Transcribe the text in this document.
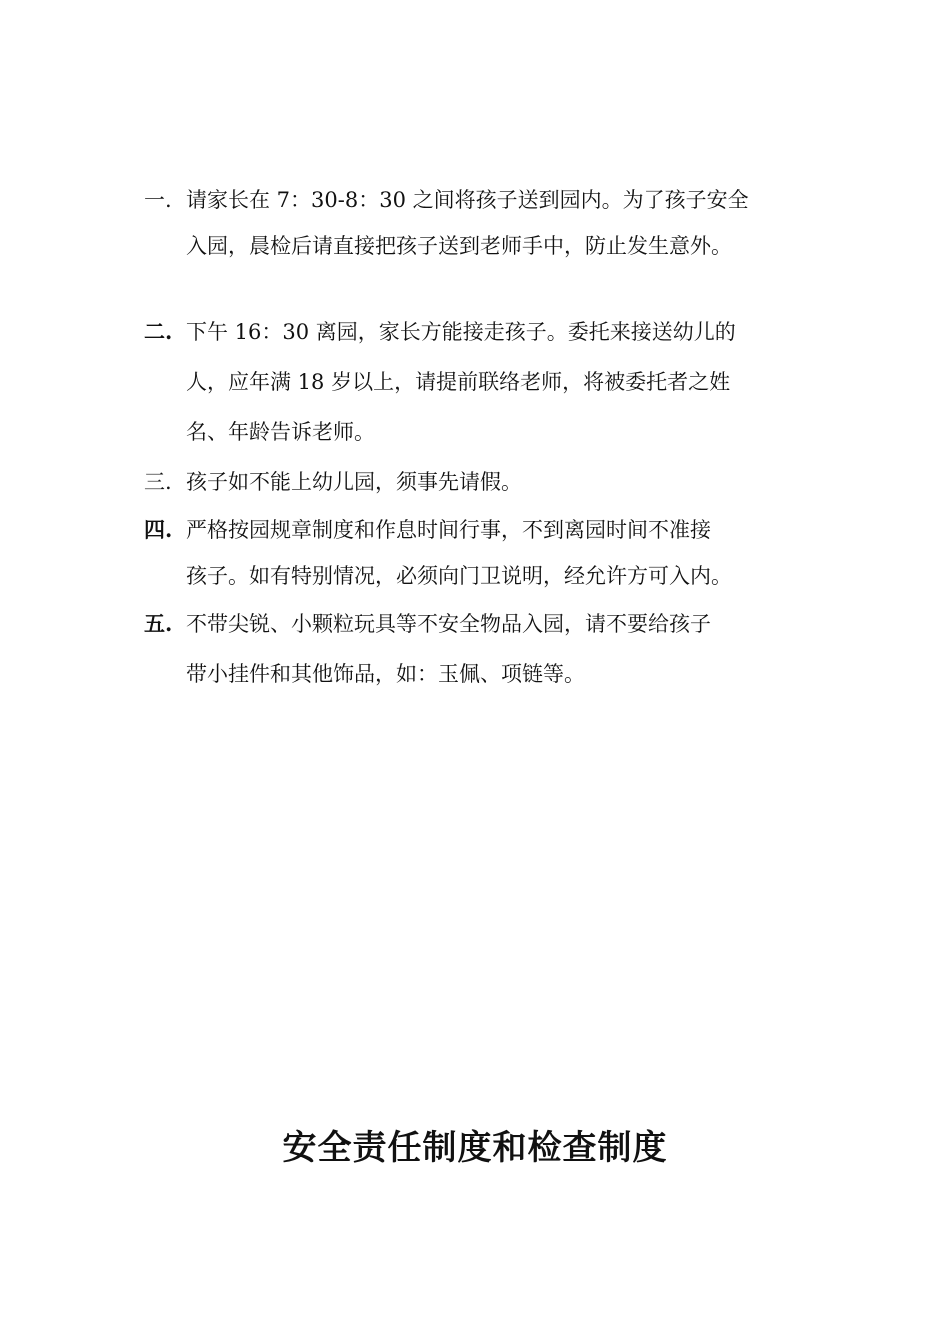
一. 请家长在 7：30-8：30 之间将孩子送到园内。为了孩子安全
入园，晨检后请直接把孩子送到老师手中，防止发生意外。
二. 下午 16：30 离园，家长方能接走孩子。委托来接送幼儿的
人，应年满 18 岁以上，请提前联络老师，将被委托者之姓
名、年龄告诉老师。
三. 孩子如不能上幼儿园，须事先请假。
四. 严格按园规章制度和作息时间行事，不到离园时间不准接
孩子。如有特别情况，必须向门卫说明，经允许方可入内。
五. 不带尖锐、小颗粒玩具等不安全物品入园，请不要给孩子
带小挂件和其他饰品，如：玉佩、项链等。
安全责任制度和检查制度
